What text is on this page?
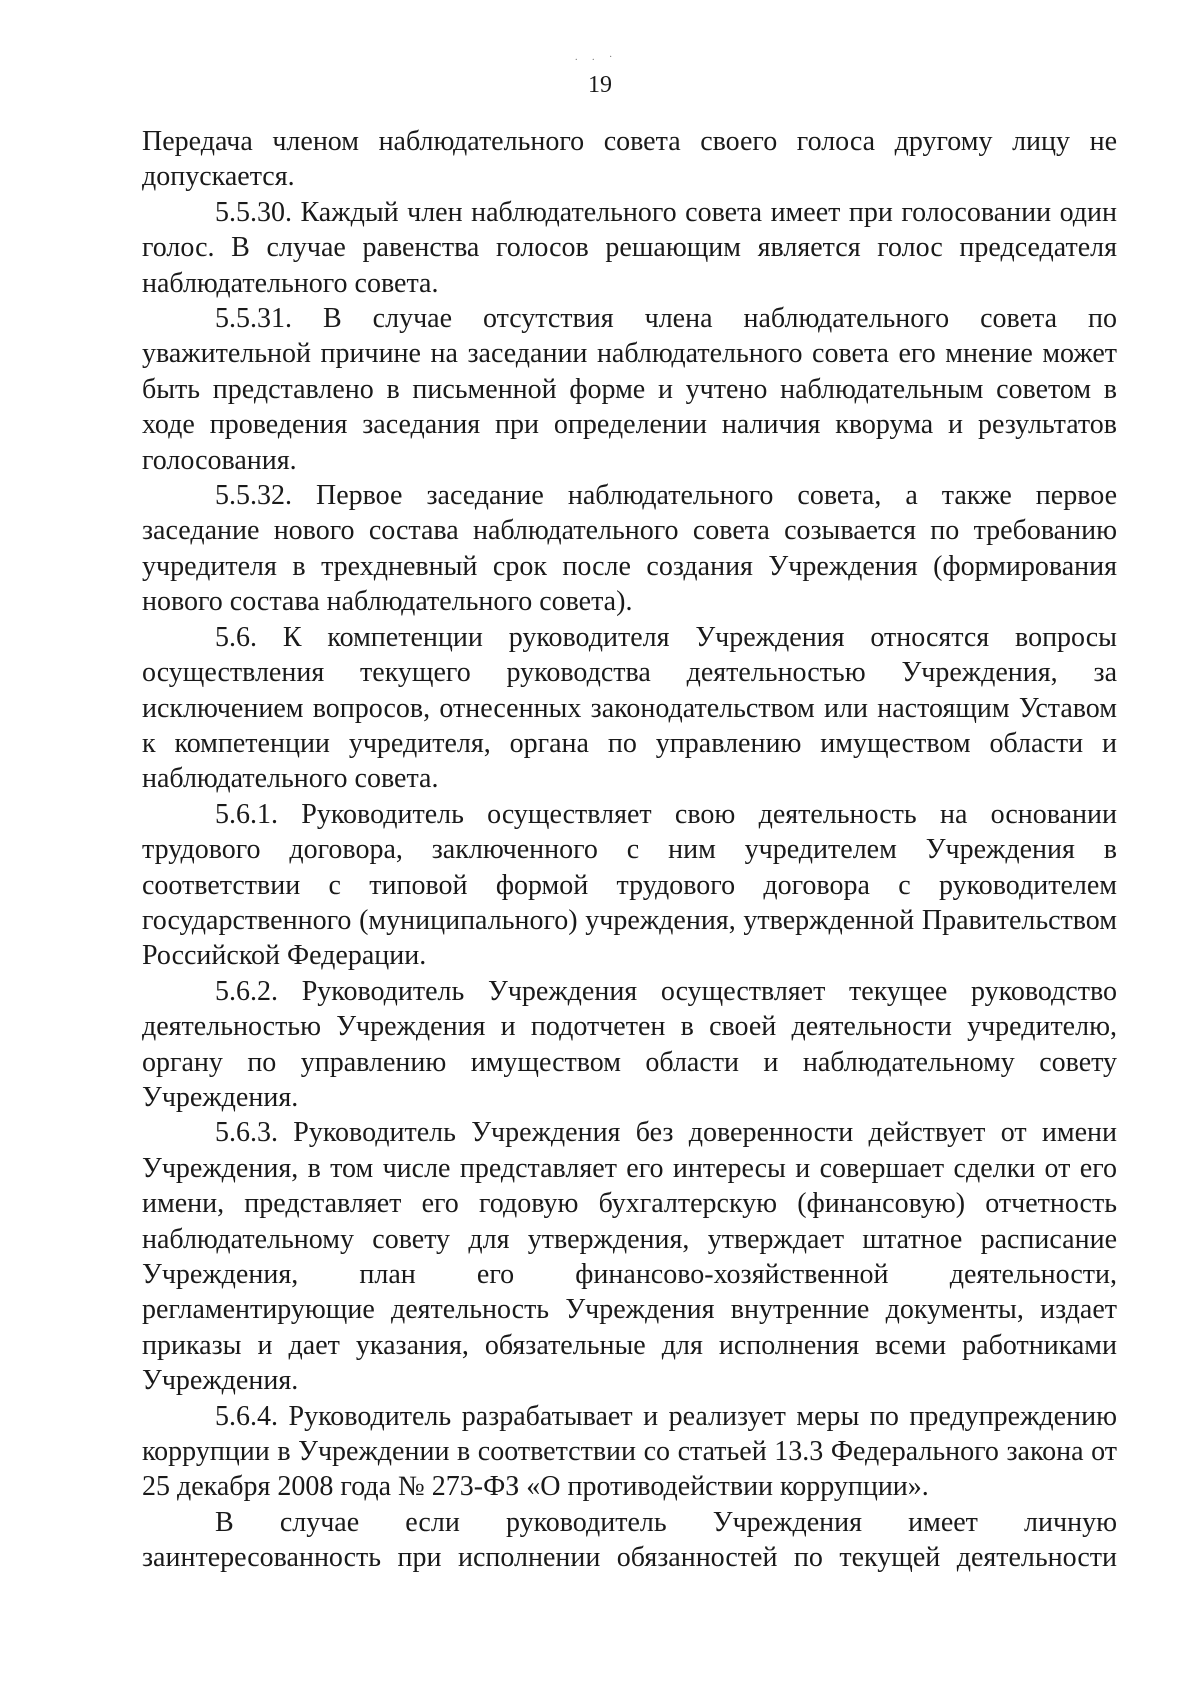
. . ·
19

Передача членом наблюдательного совета своего голоса другому лицу не допускается.

5.5.30. Каждый член наблюдательного совета имеет при голосовании один голос. В случае равенства голосов решающим является голос председателя наблюдательного совета.

5.5.31. В случае отсутствия члена наблюдательного совета по уважительной причине на заседании наблюдательного совета его мнение может быть представлено в письменной форме и учтено наблюдательным советом в ходе проведения заседания при определении наличия кворума и результатов голосования.

5.5.32. Первое заседание наблюдательного совета, а также первое заседание нового состава наблюдательного совета созывается по требованию учредителя в трехдневный срок после создания Учреждения (формирования нового состава наблюдательного совета).

5.6. К компетенции руководителя Учреждения относятся вопросы осуществления текущего руководства деятельностью Учреждения, за исключением вопросов, отнесенных законодательством или настоящим Уставом к компетенции учредителя, органа по управлению имуществом области и наблюдательного совета.

5.6.1. Руководитель осуществляет свою деятельность на основании трудового договора, заключенного с ним учредителем Учреждения в соответствии с типовой формой трудового договора с руководителем государственного (муниципального) учреждения, утвержденной Правительством Российской Федерации.

5.6.2. Руководитель Учреждения осуществляет текущее руководство деятельностью Учреждения и подотчетен в своей деятельности учредителю, органу по управлению имуществом области и наблюдательному совету Учреждения.

5.6.3. Руководитель Учреждения без доверенности действует от имени Учреждения, в том числе представляет его интересы и совершает сделки от его имени, представляет его годовую бухгалтерскую (финансовую) отчетность наблюдательному совету для утверждения, утверждает штатное расписание Учреждения, план его финансово-хозяйственной деятельности, регламентирующие деятельность Учреждения внутренние документы, издает приказы и дает указания, обязательные для исполнения всеми работниками Учреждения.

5.6.4. Руководитель разрабатывает и реализует меры по предупреждению коррупции в Учреждении в соответствии со статьей 13.3 Федерального закона от 25 декабря 2008 года № 273-ФЗ «О противодействии коррупции».

В случае если руководитель Учреждения имеет личную заинтересованность при исполнении обязанностей по текущей деятельности
